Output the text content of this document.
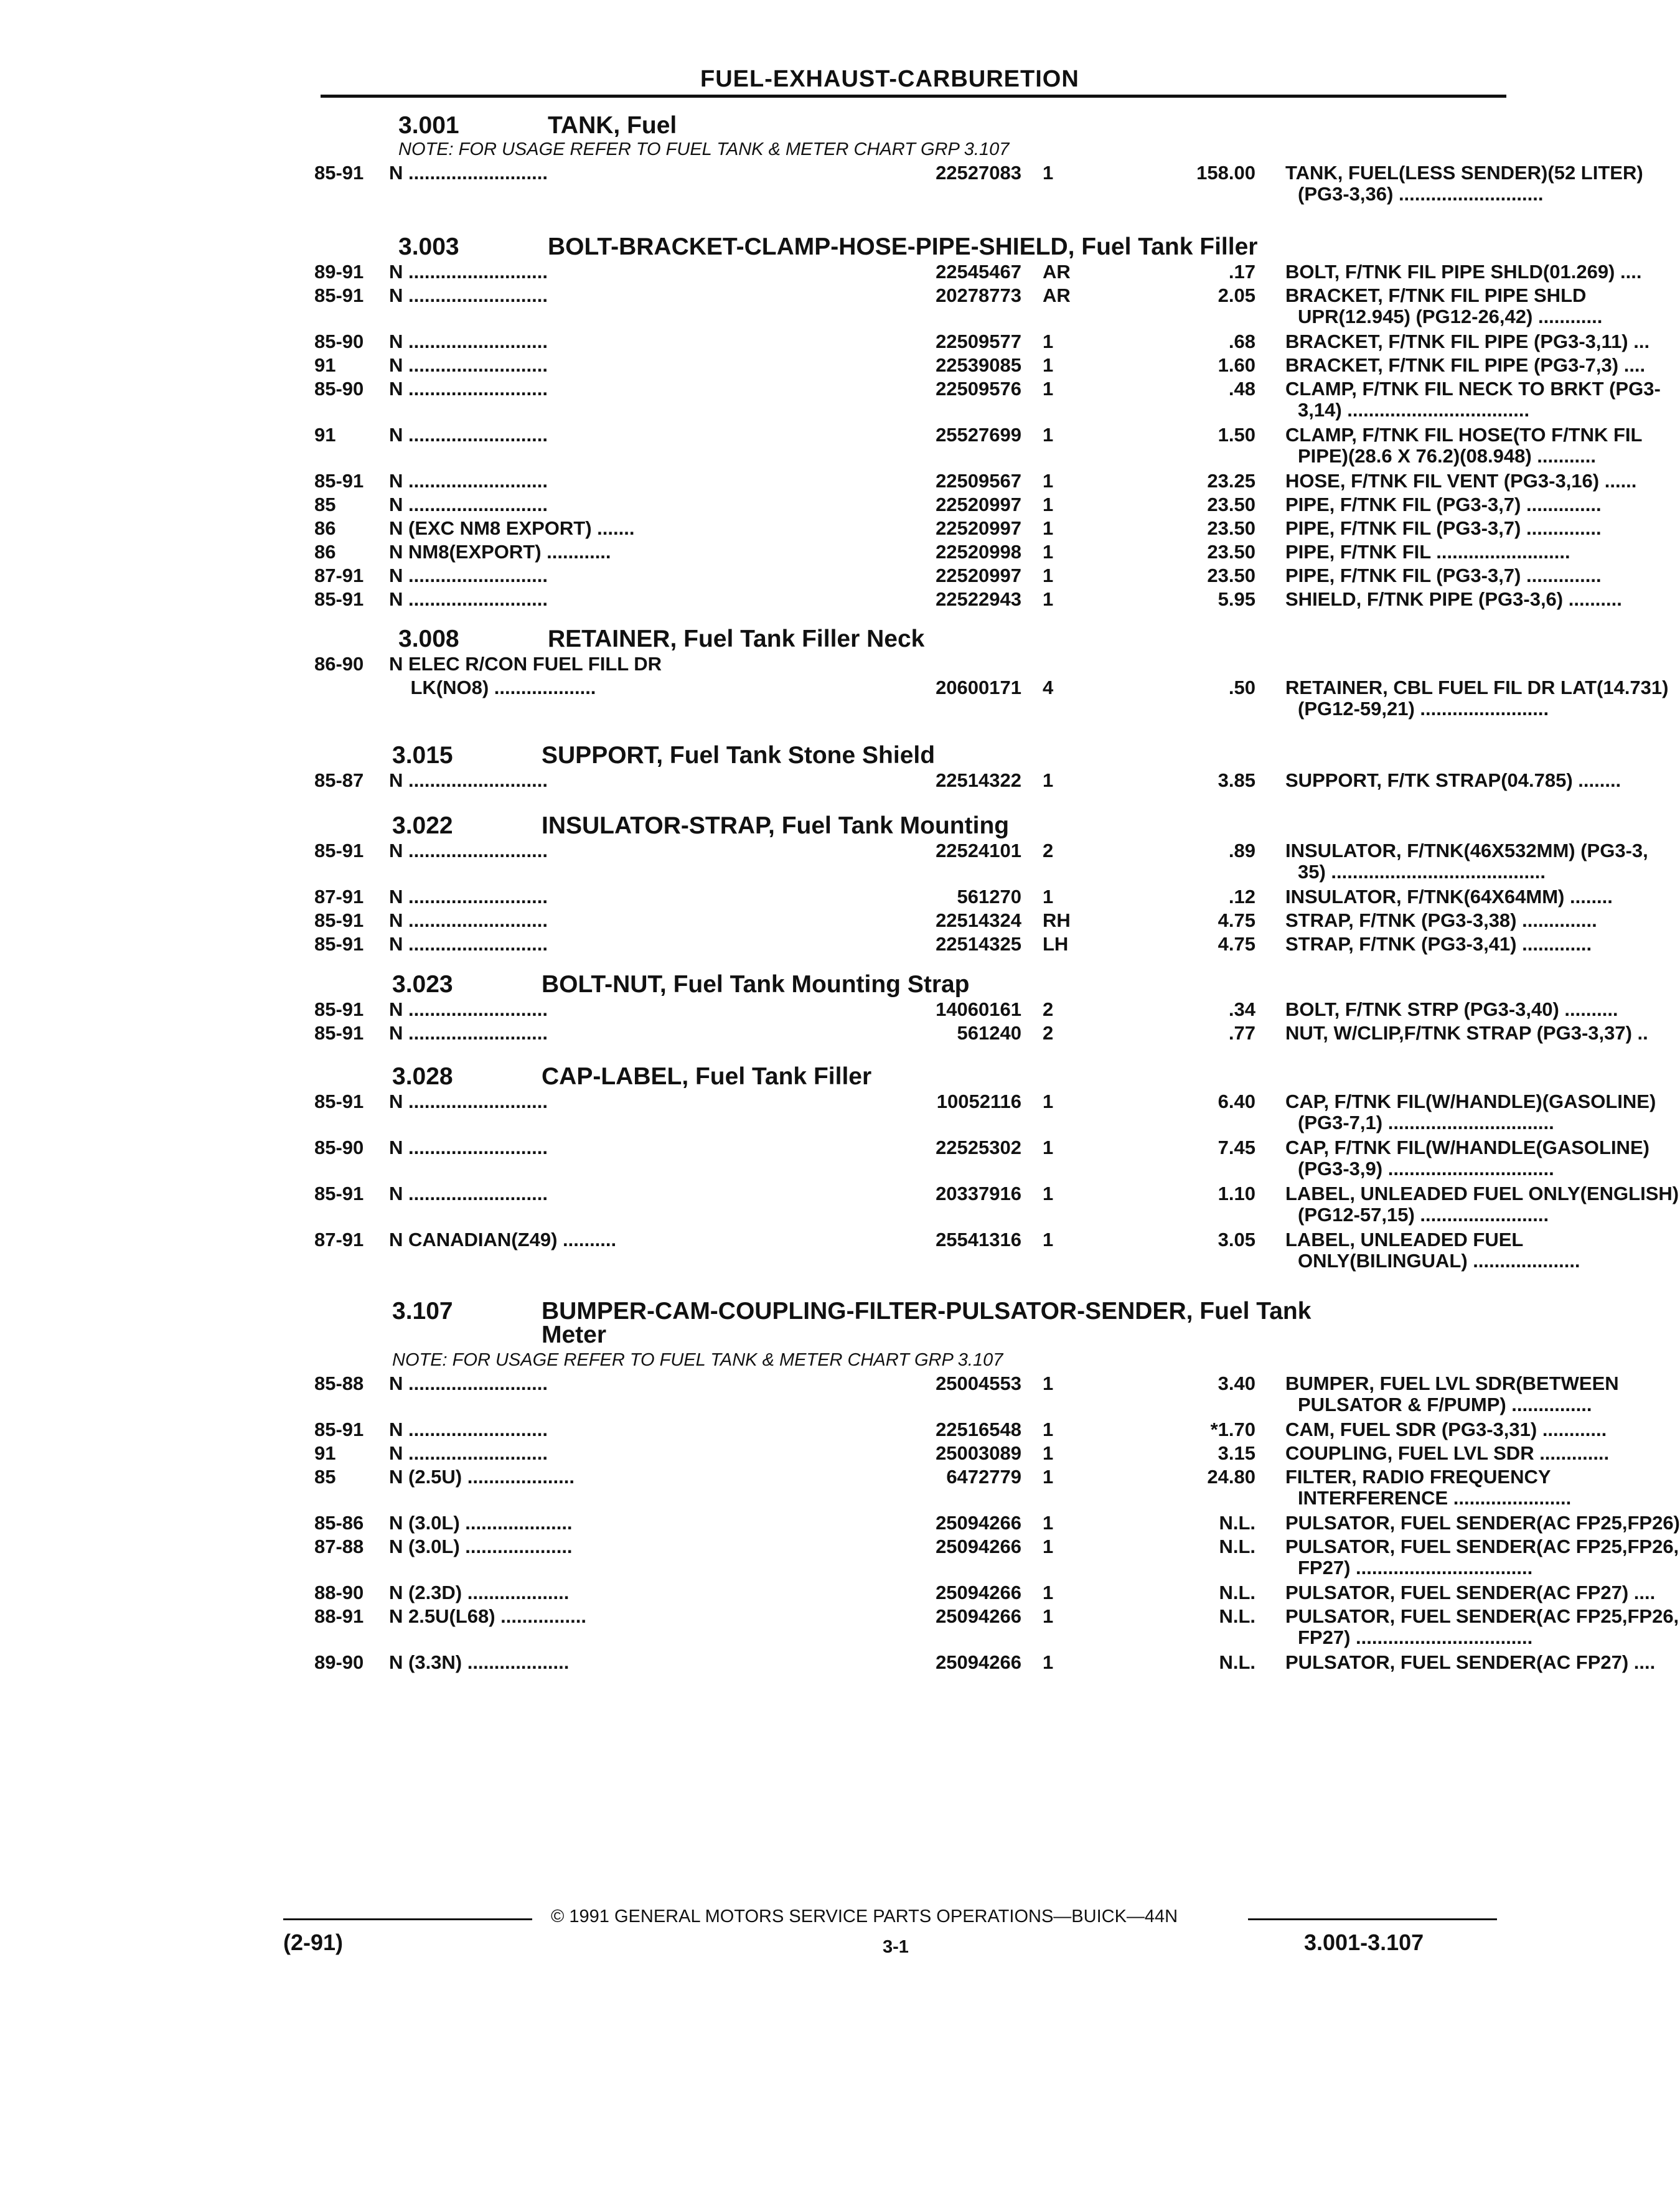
FUEL-EXHAUST-CARBURETION
3.001	TANK, Fuel
NOTE: FOR USAGE REFER TO FUEL TANK & METER CHART GRP 3.107
85-91 N ..........................	22527083 1	158.00 TANK, FUEL(LESS SENDER)(52 LITER)
(PG3-3,36) ...........................
3.003	BOLT-BRACKET-CLAMP-HOSE-PIPE-SHIELD, Fuel Tank Filler
89-91 N ..........................	22545467 AR	.17 BOLT, F/TNK FIL PIPE SHLD(01.269) ....
85-91 N ..........................	20278773 AR	2.05 BRACKET, F/TNK FIL PIPE SHLD
UPR(12.945) (PG12-26,42) ............
85-90 N ..........................	22509577 1	.68 BRACKET, F/TNK FIL PIPE (PG3-3,11) ...
91	N ..........................	22539085 1	1.60 BRACKET, F/TNK FIL PIPE (PG3-7,3) ....
85-90 N ..........................	22509576 1	.48 CLAMP, F/TNK FIL NECK TO BRKT (PG3-
3,14) ..................................
91	N ..........................	25527699 1	1.50 CLAMP, F/TNK FIL HOSE(TO F/TNK FIL
PIPE)(28.6 X 76.2)(08.948) ...........
85-91 N ..........................	22509567 1	23.25 HOSE, F/TNK FIL VENT (PG3-3,16) ......
85	N ..........................	22520997 1	23.50 PIPE, F/TNK FIL (PG3-3,7) ..............
86	N (EXC NM8 EXPORT) .......	22520997 1	23.50 PIPE, F/TNK FIL (PG3-3,7) ..............
86	N NM8(EXPORT) ............	22520998 1	23.50 PIPE, F/TNK FIL .........................
87-91 N ..........................	22520997 1	23.50 PIPE, F/TNK FIL (PG3-3,7) ..............
85-91 N ..........................	22522943 1	5.95 SHIELD, F/TNK PIPE (PG3-3,6) ..........
3.008	RETAINER, Fuel Tank Filler Neck
86-90 N ELEC R/CON FUEL FILL DR
LK(NO8) ...................	20600171 4	.50 RETAINER, CBL FUEL FIL DR LAT(14.731)
(PG12-59,21) ........................
3.015	SUPPORT, Fuel Tank Stone Shield
85-87 N ..........................	22514322 1	3.85 SUPPORT, F/TK STRAP(04.785) ........
3.022	INSULATOR-STRAP, Fuel Tank Mounting
85-91 N ..........................	22524101 2	.89 INSULATOR, F/TNK(46X532MM) (PG3-3,
35) ........................................
87-91 N ..........................	561270 1	.12 INSULATOR, F/TNK(64X64MM) ........
85-91 N ..........................	22514324 RH	4.75 STRAP, F/TNK (PG3-3,38) ..............
85-91 N ..........................	22514325 LH	4.75 STRAP, F/TNK (PG3-3,41) .............
3.023	BOLT-NUT, Fuel Tank Mounting Strap
85-91 N ..........................	14060161 2	.34 BOLT, F/TNK STRP (PG3-3,40) ..........
85-91 N ..........................	561240 2	.77 NUT, W/CLIP,F/TNK STRAP (PG3-3,37) ..
3.028	CAP-LABEL, Fuel Tank Filler
85-91 N ..........................	10052116 1	6.40 CAP, F/TNK FIL(W/HANDLE)(GASOLINE)
(PG3-7,1) ...............................
85-90 N ..........................	22525302 1	7.45 CAP, F/TNK FIL(W/HANDLE(GASOLINE)
(PG3-3,9) ...............................
85-91 N ..........................	20337916 1	1.10 LABEL, UNLEADED FUEL ONLY(ENGLISH)
(PG12-57,15) ........................
87-91 N CANADIAN(Z49) ..........	25541316 1	3.05 LABEL, UNLEADED FUEL
ONLY(BILINGUAL) ....................
3.107	BUMPER-CAM-COUPLING-FILTER-PULSATOR-SENDER, Fuel Tank
Meter
NOTE: FOR USAGE REFER TO FUEL TANK & METER CHART GRP 3.107
85-88 N ..........................	25004553 1	3.40 BUMPER, FUEL LVL SDR(BETWEEN
PULSATOR & F/PUMP) ...............
85-91 N ..........................	22516548 1	*1.70 CAM, FUEL SDR (PG3-3,31) ............
91	N ..........................	25003089 1	3.15 COUPLING, FUEL LVL SDR .............
85	N (2.5U) ....................	6472779 1	24.80 FILTER, RADIO FREQUENCY
INTERFERENCE ......................
85-86 N (3.0L) ....................	25094266 1	N.L. PULSATOR, FUEL SENDER(AC FP25,FP26)
87-88 N (3.0L) ....................	25094266 1	N.L. PULSATOR, FUEL SENDER(AC FP25,FP26,
FP27) .................................
88-90 N (2.3D) ...................	25094266 1	N.L. PULSATOR, FUEL SENDER(AC FP27) ....
88-91 N 2.5U(L68) ................	25094266 1	N.L. PULSATOR, FUEL SENDER(AC FP25,FP26,
FP27) .................................
89-90 N (3.3N) ...................	25094266 1	N.L. PULSATOR, FUEL SENDER(AC FP27) ....
© 1991 GENERAL MOTORS SERVICE PARTS OPERATIONS—BUICK—44N
(2-91)	3-1	3.001-3.107
